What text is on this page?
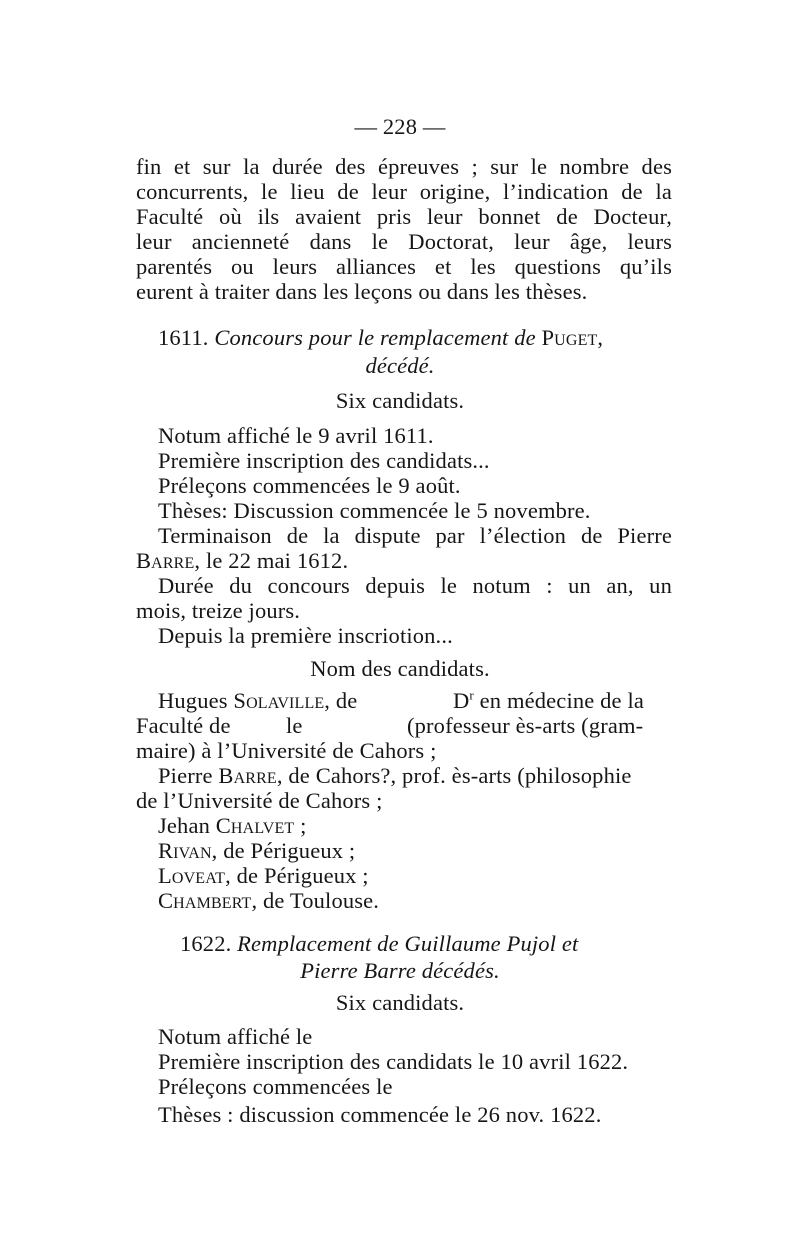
— 228 —
fin et sur la durée des épreuves ; sur le nombre des
concurrents, le lieu de leur origine, l’indication de la
Faculté où ils avaient pris leur bonnet de Docteur,
leur ancienneté dans le Doctorat, leur âge, leurs
parentés ou leurs alliances et les questions qu’ils
eurent à traiter dans les leçons ou dans les thèses.
1611. Concours pour le remplacement de Puget,
décédé.
Six candidats.
Notum affiché le 9 avril 1611.
Première inscription des candidats...
Préleçons commencées le 9 août.
Thèses: Discussion commencée le 5 novembre.
Terminaison de la dispute par l’élection de Pierre
Barre, le 22 mai 1612.
Durée du concours depuis le notum : un an, un
mois, treize jours.
Depuis la première inscriotion...
Nom des candidats.
Hugues Solaville, de	$D^r$ en médecine de la
Faculté de le	(professeur ès-arts (gram-
maire) à l’Université de Cahors ;
Pierre Barre, de Cahors?, prof. ès-arts (philosophie
de l’Université de Cahors ;
Jehan Chalvet ;
Rivan, de Périgueux ;
Loveat, de Périgueux ;
Chambert, de Toulouse.
1622. Remplacement de Guillaume Pujol et
Pierre Barre décédés.
Six candidats.
Notum affiché le
Première inscription des candidats le 10 avril 1622.
Préleçons commencées le
Thèses : discussion commencée le 26 nov. 1622.
